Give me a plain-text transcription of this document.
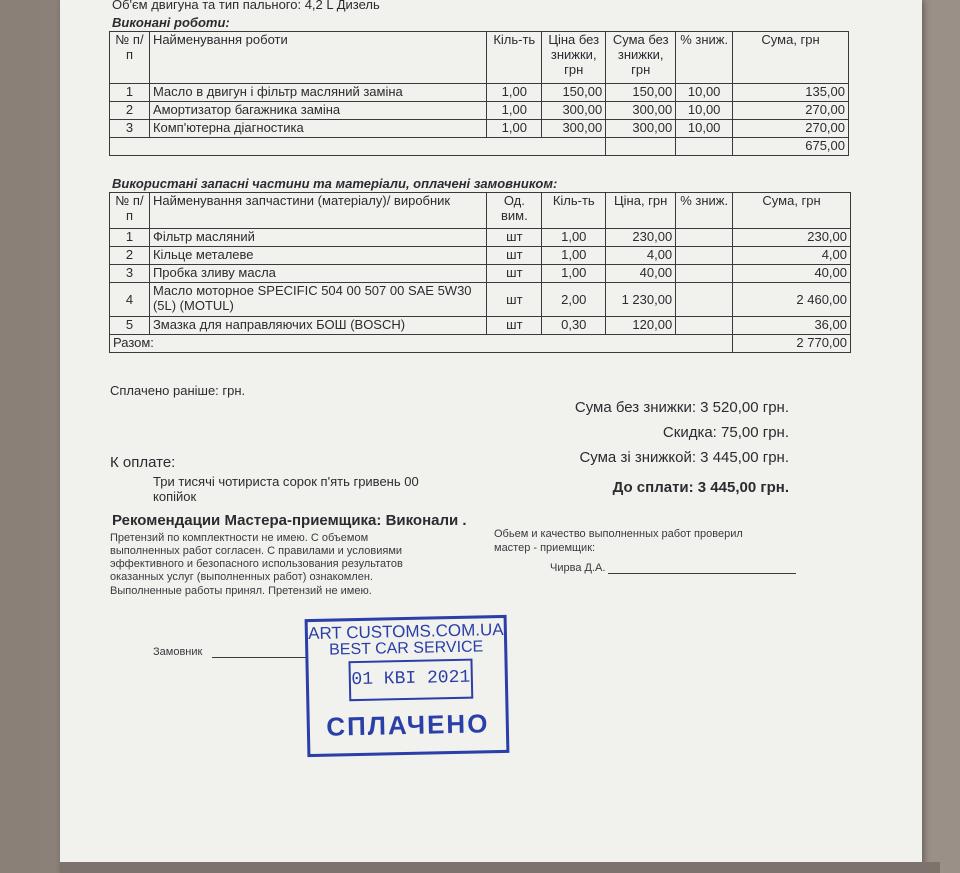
Об'єм двигуна та тип пального: 4,2 L Дизель
Виконані роботи:
№ п/п	Найменування роботи	Кіль-ть	Ціна без знижки, грн	Сума без знижки, грн	% зниж.	Сума, грн
1	Масло в двигун і фільтр масляний заміна	1,00	150,00	150,00	10,00	135,00
2	Амортизатор багажника заміна	1,00	300,00	300,00	10,00	270,00
3	Комп'ютерна діагностика	1,00	300,00	300,00	10,00	270,00
						675,00
Використані запасні частини та матеріали, оплачені замовником:
№ п/п	Найменування запчастини (матеріалу)/ виробник	Од. вим.	Кіль-ть	Ціна, грн	% зниж.	Сума, грн
1	Фільтр масляний	шт	1,00	230,00		230,00
2	Кільце металеве	шт	1,00	4,00		4,00
3	Пробка зливу масла	шт	1,00	40,00		40,00
4	Масло моторное SPECIFIC 504 00 507 00 SAE 5W30 (5L) (MOTUL)	шт	2,00	1 230,00		2 460,00
5	Змазка для направляючих БОШ (BOSCH)	шт	0,30	120,00		36,00
Разом:						2 770,00
Сплачено раніше: грн.
Сума без знижки: 3 520,00 грн.
Скидка: 75,00 грн.
Сума зі знижкой: 3 445,00 грн.
До сплати: 3 445,00 грн.
К оплате:
Три тисячі чотириста сорок п'ять гривень 00
копійок
Рекомендации Мастера-приемщика: Виконали .
Претензий по комплектности не имею. С объемом
выполненных работ согласен. С правилами и условиями
эффективного и безопасного использования результатов
оказанных услуг (выполненных работ) ознакомлен.
Выполненные работы принял. Претензий не имею.
Обьем и качество выполненных работ проверил
мастер - приемщик:
Чирва Д.А.
Замовник
ART CUSTOMS.COM.UA
BEST CAR SERVICE
01 КВІ 2021
СПЛАЧЕНО
